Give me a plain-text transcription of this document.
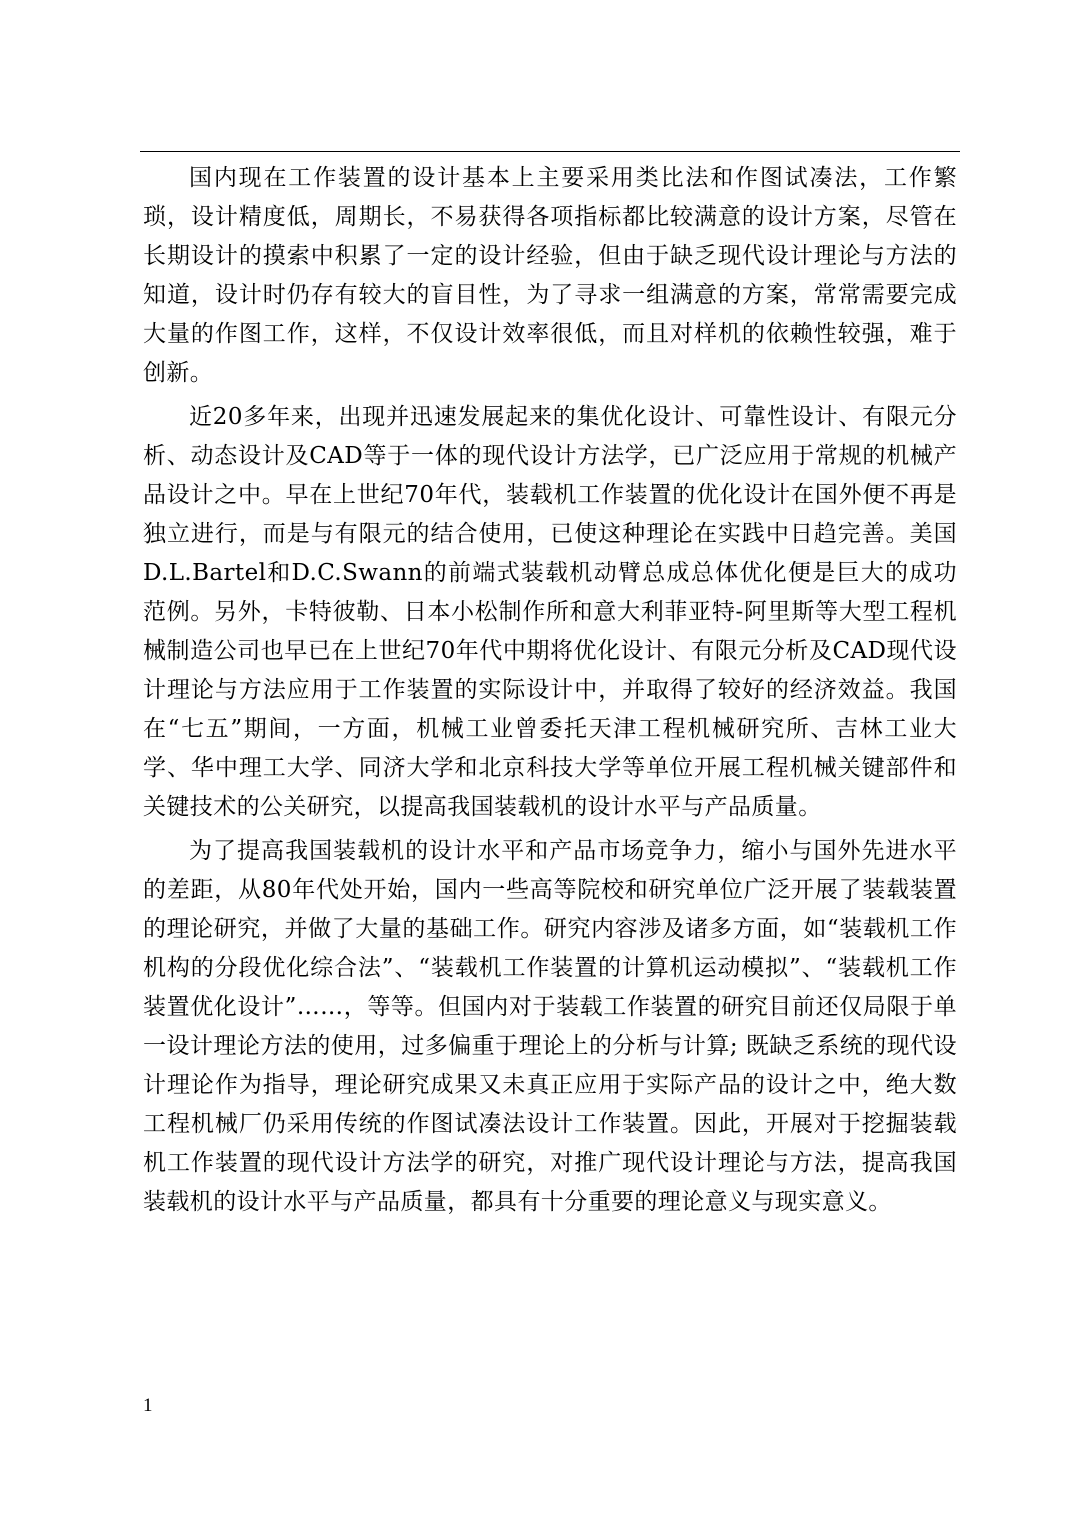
国内现在工作装置的设计基本上主要采用类比法和作图试凑法，工作繁琐，设计精度低，周期长，不易获得各项指标都比较满意的设计方案，尽管在长期设计的摸索中积累了一定的设计经验，但由于缺乏现代设计理论与方法的知道，设计时仍存有较大的盲目性，为了寻求一组满意的方案，常常需要完成大量的作图工作，这样，不仅设计效率很低，而且对样机的依赖性较强，难于创新。

近20多年来，出现并迅速发展起来的集优化设计、可靠性设计、有限元分析、动态设计及CAD等于一体的现代设计方法学，已广泛应用于常规的机械产品设计之中。早在上世纪70年代，装载机工作装置的优化设计在国外便不再是独立进行，而是与有限元的结合使用，已使这种理论在实践中日趋完善。美国D.L.Bartel和D.C.Swann的前端式装载机动臂总成总体优化便是巨大的成功范例。另外，卡特彼勒、日本小松制作所和意大利菲亚特-阿里斯等大型工程机械制造公司也早已在上世纪70年代中期将优化设计、有限元分析及CAD现代设计理论与方法应用于工作装置的实际设计中，并取得了较好的经济效益。我国在“七五”期间，一方面，机械工业曾委托天津工程机械研究所、吉林工业大学、华中理工大学、同济大学和北京科技大学等单位开展工程机械关键部件和关键技术的公关研究，以提高我国装载机的设计水平与产品质量。

为了提高我国装载机的设计水平和产品市场竞争力，缩小与国外先进水平的差距，从80年代处开始，国内一些高等院校和研究单位广泛开展了装载装置的理论研究，并做了大量的基础工作。研究内容涉及诸多方面，如“装载机工作机构的分段优化综合法”、“装载机工作装置的计算机运动模拟”、“装载机工作装置优化设计”……，等等。但国内对于装载工作装置的研究目前还仅局限于单一设计理论方法的使用，过多偏重于理论上的分析与计算; 既缺乏系统的现代设计理论作为指导，理论研究成果又未真正应用于实际产品的设计之中，绝大数工程机械厂仍采用传统的作图试凑法设计工作装置。因此，开展对于挖掘装载机工作装置的现代设计方法学的研究，对推广现代设计理论与方法，提高我国装载机的设计水平与产品质量，都具有十分重要的理论意义与现实意义。

1
